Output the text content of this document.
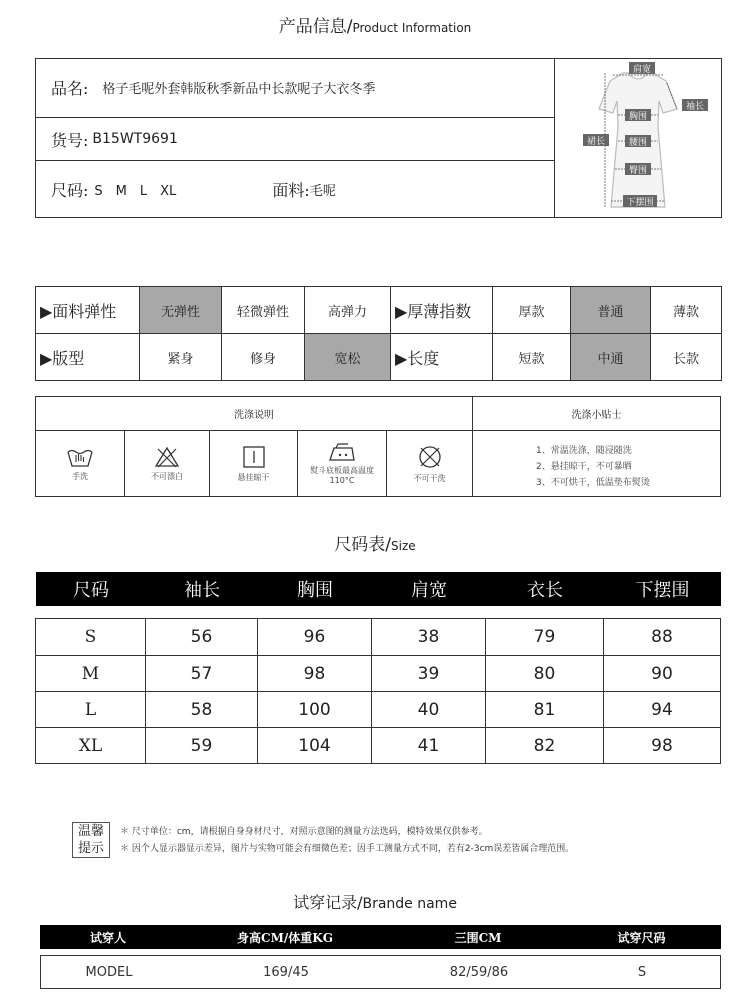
产品信息/Product Information
品名: 格子毛呢外套韩版秋季新品中长款呢子大衣冬季
货号: B15WT9691
尺码: S　M　L　XL	面料: 毛呢
肩宽
袖长
胸围
裙长	腰围
臀围
下摆围
▶面料弹性	无弹性	轻微弹性	高弹力	▶厚薄指数	厚款	普通	薄款
▶版型	紧身	修身	宽松	▶长度	短款	中通	长款
洗涤说明	洗涤小贴士
手洗	不可漂白	悬挂晾干
熨斗底板最高温度110°C	不可干洗
1、常温洗涤，随浸随洗
2、悬挂晾干，不可暴晒
3、不可烘干，低温垫布熨烫
尺码表/Size
尺码	袖长	胸围	肩宽	衣长	下摆围
S	56	96	38	79	88
M	57	98	39	80	90
L	58	100	40	81	94
XL	59	104	41	82	98
温馨
提示
＊ 尺寸单位：cm，请根据自身身材尺寸，对照示意图的测量方法选码，模特效果仅供参考。
＊ 因个人显示器显示差异，图片与实物可能会有细微色差；因手工测量方式不同，若有2-3cm误差皆属合理范围。
试穿记录/Brande name
试穿人	身高CM/体重KG	三围CM	试穿尺码
MODEL	169/45	82/59/86	S
